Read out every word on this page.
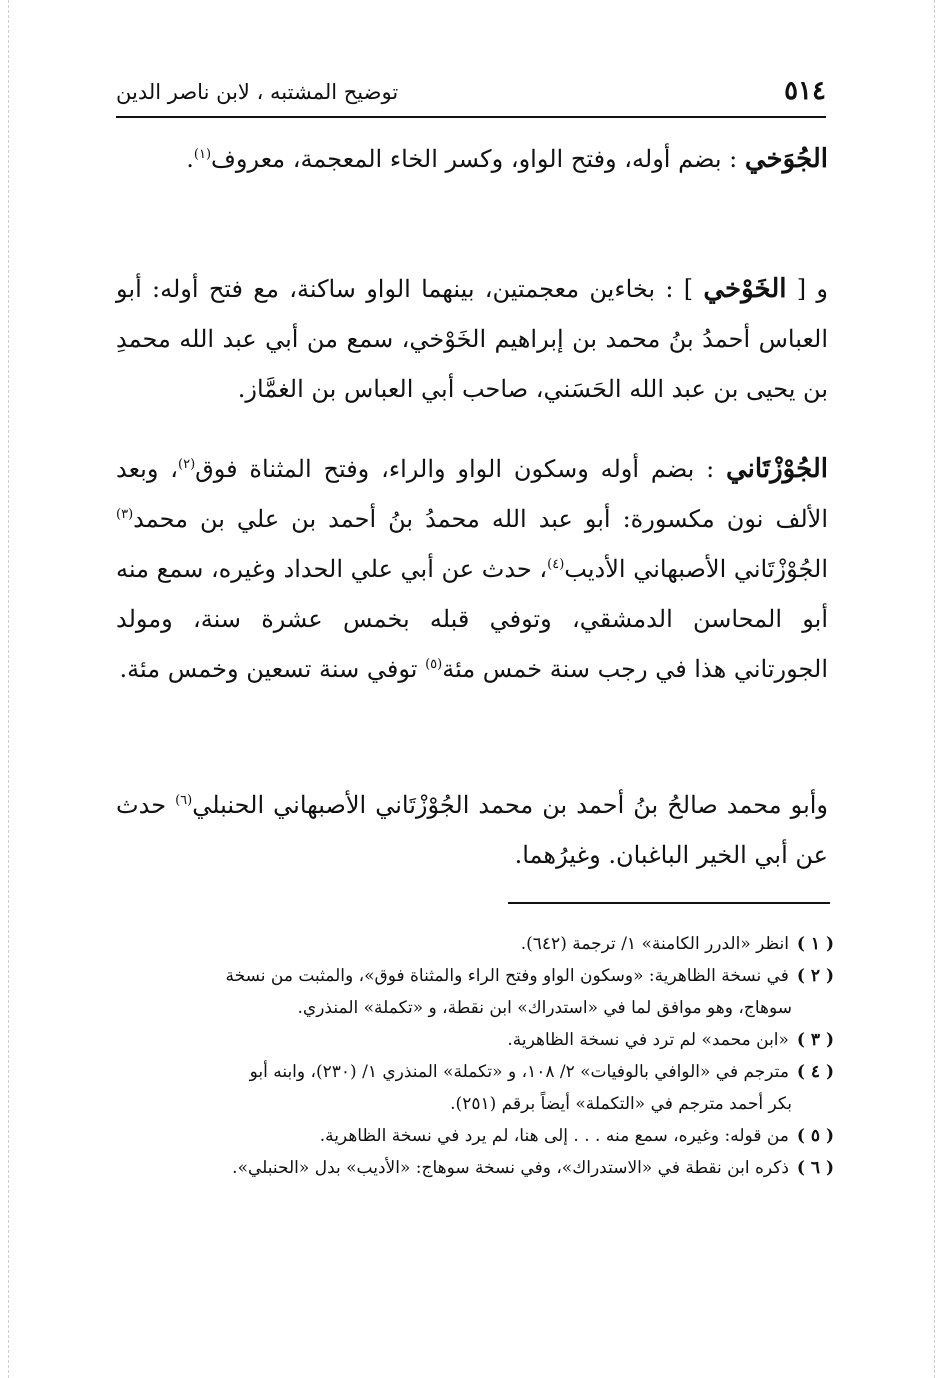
٥١٤
توضيح المشتبه ، لابن ناصر الدين

الجُوَخي : بضم أوله، وفتح الواو، وكسر الخاء المعجمة، معروف$^{(١)}$.

و [ الخَوْخي ] : بخاءين معجمتين، بينهما الواو ساكنة، مع فتح أوله: أبو العباس أحمدُ بنُ محمد بن إبراهيم الخَوْخي، سمع من أبي عبد الله محمدِ بن يحيى بن عبد الله الحَسَني، صاحب أبي العباس بن الغمَّاز.

الجُوْزْتَاني : بضم أوله وسكون الواو والراء، وفتح المثناة فوق$^{(٢)}$، وبعد الألف نون مكسورة: أبو عبد الله محمدُ بنُ أحمد بن علي بن محمد$^{(٣)}$ الجُوْزْتَاني الأصبهاني الأديب$^{(٤)}$، حدث عن أبي علي الحداد وغيره، سمع منه أبو المحاسن الدمشقي، وتوفي قبله بخمس عشرة سنة، ومولد الجورتاني هذا في رجب سنة خمس مئة$^{(٥)}$ توفي سنة تسعين وخمس مئة.

وأبو محمد صالحُ بنُ أحمد بن محمد الجُوْزْتَاني الأصبهاني الحنبلي$^{(٦)}$ حدث عن أبي الخير الباغبان. وغيرُهما.

( ١ )انظر «الدرر الكامنة» ١/ ترجمة (٦٤٢).

( ٢ )في نسخة الظاهرية: «وسكون الواو وفتح الراء والمثناة فوق»، والمثبت من نسخة

سوهاج، وهو موافق لما في «استدراك» ابن نقطة، و «تكملة» المنذري.

( ٣ )«ابن محمد» لم ترد في نسخة الظاهرية.

( ٤ )مترجم في «الوافي بالوفيات» ٢/ ١٠٨، و «تكملة» المنذري ١/ (٢٣٠)، وابنه أبو

بكر أحمد مترجم في «التكملة» أيضاً برقم (٢٥١).

( ٥ )من قوله: وغيره، سمع منه . . . إلى هنا، لم يرد في نسخة الظاهرية.

( ٦ )ذكره ابن نقطة في «الاستدراك»، وفي نسخة سوهاج: «الأديب» بدل «الحنبلي».
